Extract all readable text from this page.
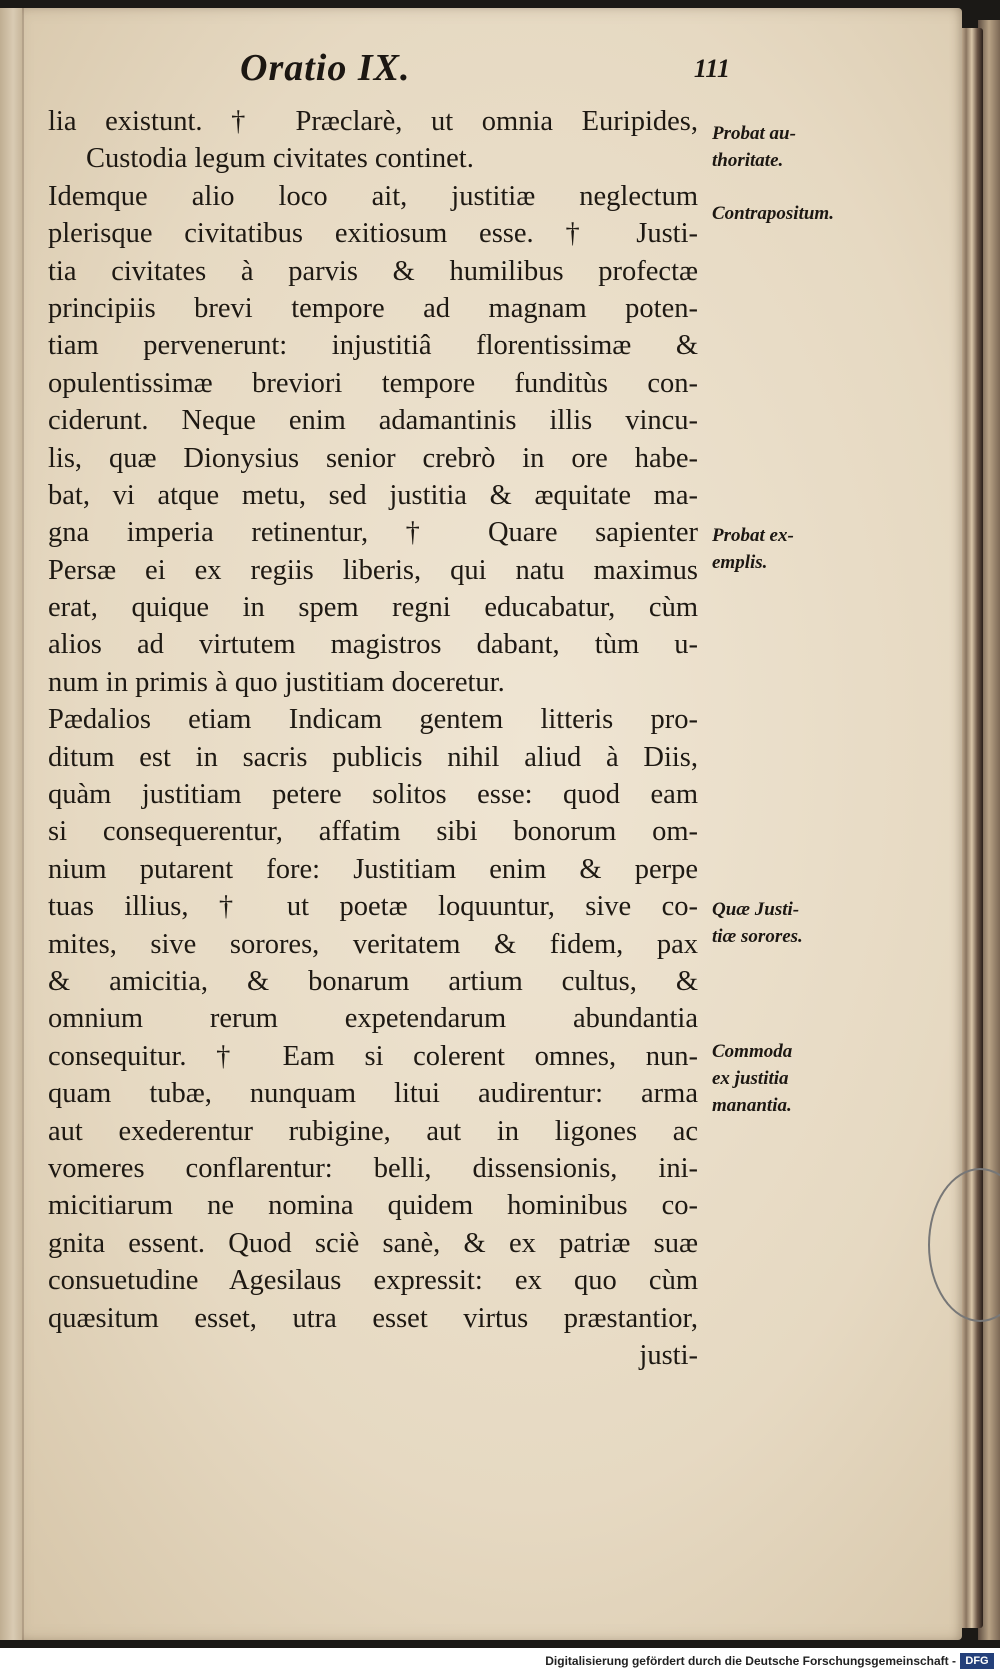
Oratio IX.	111
lia existunt. † Præclarè, ut omnia Euripides,
Custodia legum civitates continet.
Idemque alio loco ait, justitiæ neglectum
plerisque civitatibus exitiosum esse. † Justi-
tia civitates à parvis & humilibus profectæ
principiis brevi tempore ad magnam poten-
tiam pervenerunt: injustitiâ florentissimæ &
opulentissimæ breviori tempore funditùs con-
ciderunt. Neque enim adamantinis illis vincu-
lis, quæ Dionysius senior crebrò in ore habe-
bat, vi atque metu, sed justitia & æquitate ma-
gna imperia retinentur, † Quare sapienter
Persæ ei ex regiis liberis, qui natu maximus
erat, quique in spem regni educabatur, cùm
alios ad virtutem magistros dabant, tùm u-
num in primis à quo justitiam doceretur.
Pædalios etiam Indicam gentem litteris pro-
ditum est in sacris publicis nihil aliud à Diis,
quàm justitiam petere solitos esse: quod eam
si consequerentur, affatim sibi bonorum om-
nium putarent fore: Justitiam enim & perpe
tuas illius, † ut poetæ loquuntur, sive co-
mites, sive sorores, veritatem & fidem, pax
& amicitia, & bonarum artium cultus, &
omnium rerum expetendarum abundantia
consequitur. † Eam si colerent omnes, nun-
quam tubæ, nunquam litui audirentur: arma
aut exederentur rubigine, aut in ligones ac
vomeres conflarentur: belli, dissensionis, ini-
micitiarum ne nomina quidem hominibus co-
gnita essent. Quod sciè sanè, & ex patriæ suæ
consuetudine Agesilaus expressit: ex quo cùm
quæsitum esset, utra esset virtus præstantior,
justi-
Probat au-
thoritate.
Contrapositum.
Probat ex-
emplis.
Quæ Justi-
tiæ sorores.
Commoda
ex justitia
manantia.
Digitalisierung gefördert durch die Deutsche Forschungsgemeinschaft - DFG
